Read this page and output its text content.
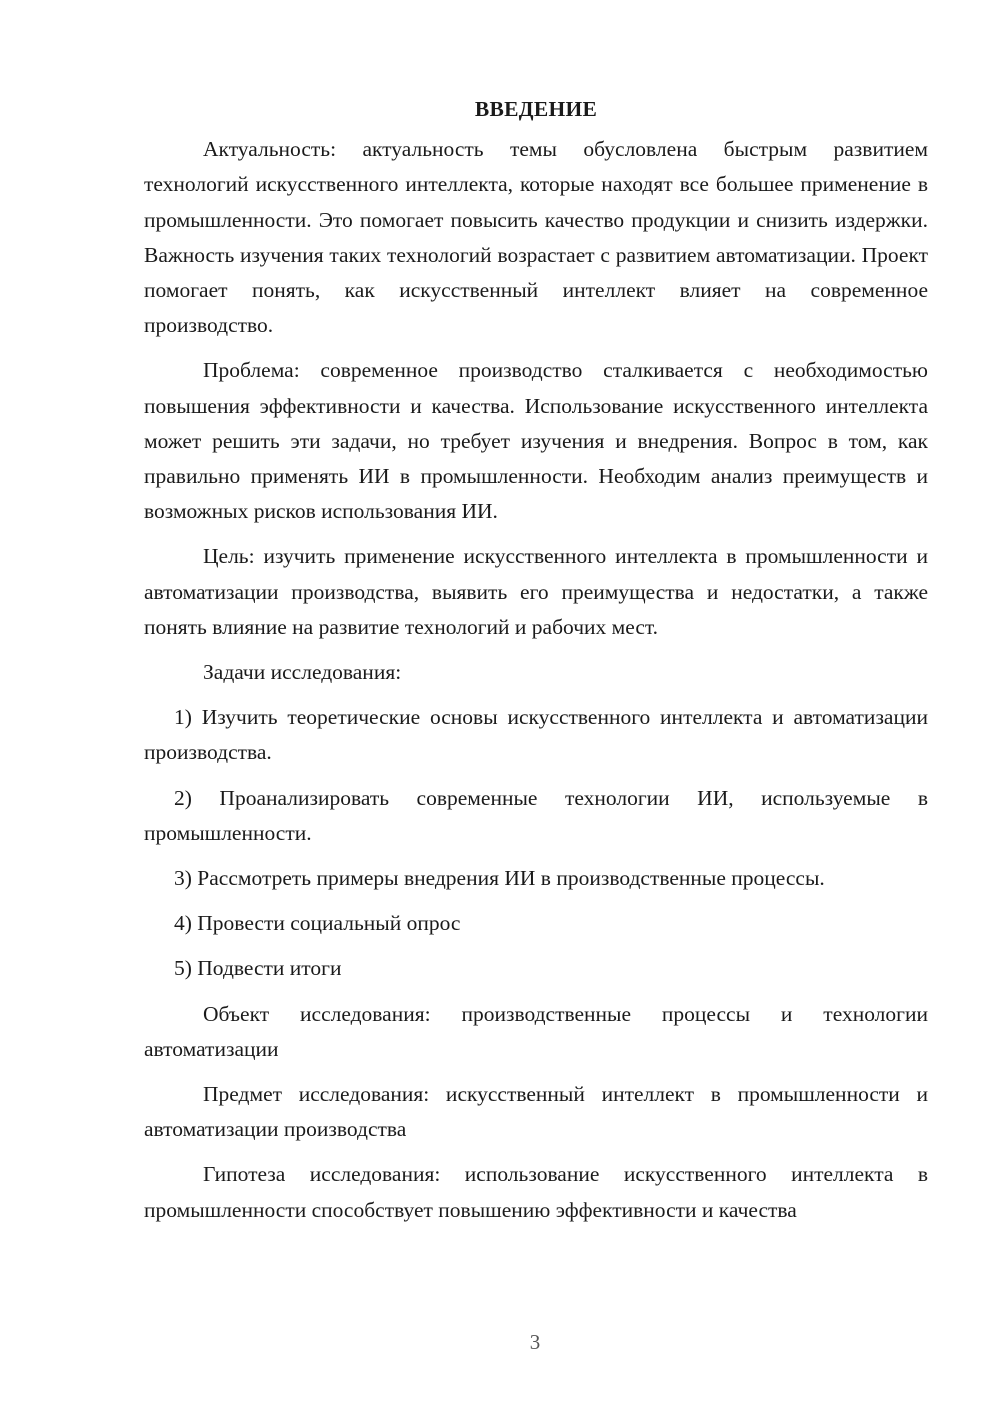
ВВЕДЕНИЕ

Актуальность: актуальность темы обусловлена быстрым развитием технологий искусственного интеллекта, которые находят все большее применение в промышленности. Это помогает повысить качество продукции и снизить издержки. Важность изучения таких технологий возрастает с развитием автоматизации. Проект помогает понять, как искусственный интеллект влияет на современное производство.

Проблема: современное производство сталкивается с необходимостью повышения эффективности и качества. Использование искусственного интеллекта может решить эти задачи, но требует изучения и внедрения. Вопрос в том, как правильно применять ИИ в промышленности. Необходим анализ преимуществ и возможных рисков использования ИИ.

Цель: изучить применение искусственного интеллекта в промышленности и автоматизации производства, выявить его преимущества и недостатки, а также понять влияние на развитие технологий и рабочих мест.

Задачи исследования:

1) Изучить теоретические основы искусственного интеллекта и автоматизации производства.

2) Проанализировать современные технологии ИИ, используемые в промышленности.

3) Рассмотреть примеры внедрения ИИ в производственные процессы.

4) Провести социальный опрос

5) Подвести итоги

Объект исследования: производственные процессы и технологии автоматизации

Предмет исследования: искусственный интеллект в промышленности и автоматизации производства

Гипотеза исследования: использование искусственного интеллекта в промышленности способствует повышению эффективности и качества

3
